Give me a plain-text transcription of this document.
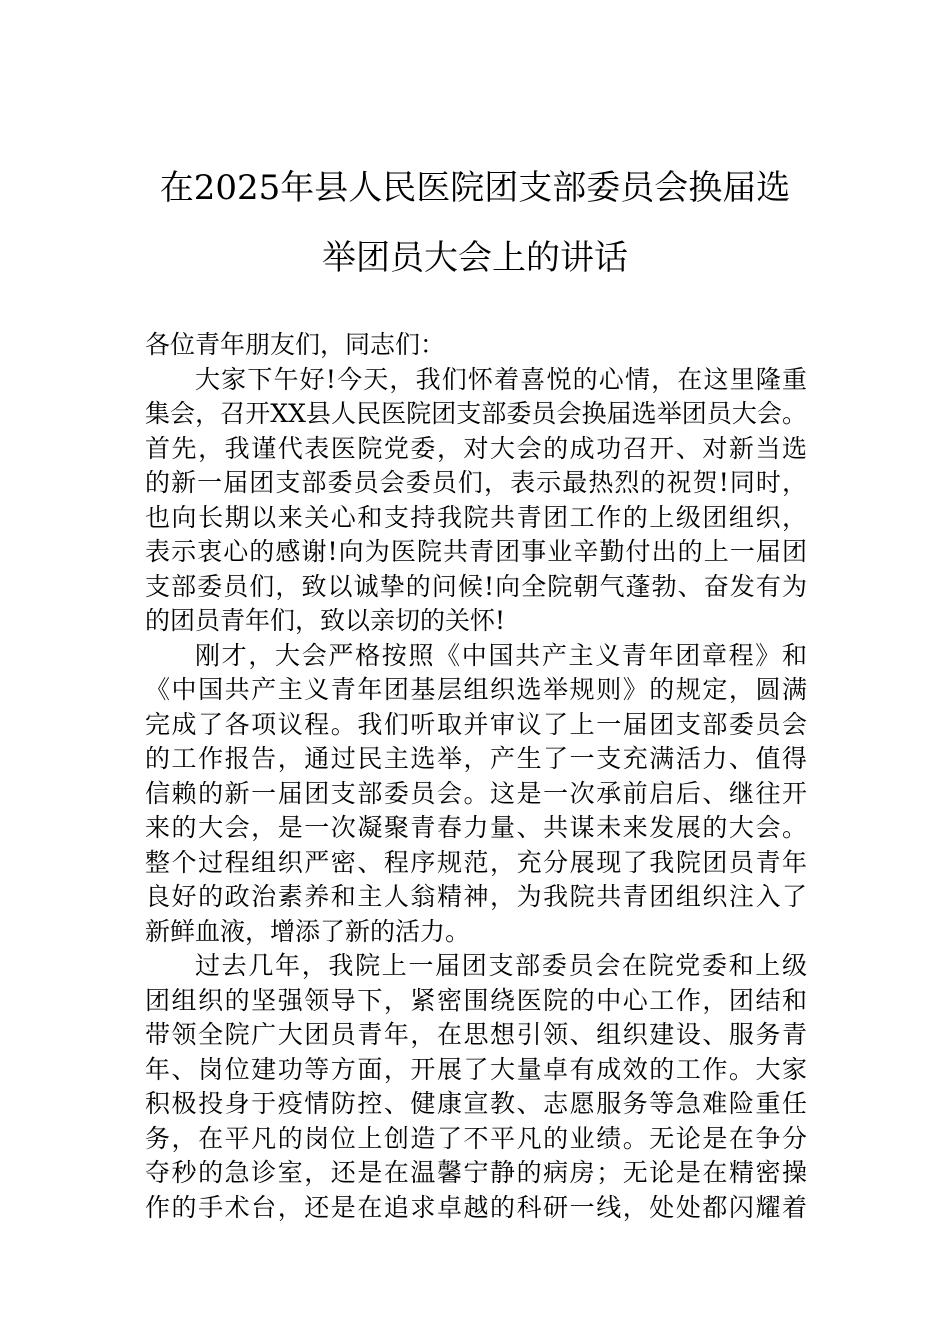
在2025年县人民医院团支部委员会换届选
举团员大会上的讲话
各位青年朋友们，同志们：
大家下午好!今天，我们怀着喜悦的心情，在这里隆重
集会，召开XX县人民医院团支部委员会换届选举团员大会。
首先，我谨代表医院党委，对大会的成功召开、对新当选
的新一届团支部委员会委员们，表示最热烈的祝贺!同时，
也向长期以来关心和支持我院共青团工作的上级团组织，
表示衷心的感谢!向为医院共青团事业辛勤付出的上一届团
支部委员们，致以诚挚的问候!向全院朝气蓬勃、奋发有为
的团员青年们，致以亲切的关怀!
刚才，大会严格按照《中国共产主义青年团章程》和
《中国共产主义青年团基层组织选举规则》的规定，圆满
完成了各项议程。我们听取并审议了上一届团支部委员会
的工作报告，通过民主选举，产生了一支充满活力、值得
信赖的新一届团支部委员会。这是一次承前启后、继往开
来的大会，是一次凝聚青春力量、共谋未来发展的大会。
整个过程组织严密、程序规范，充分展现了我院团员青年
良好的政治素养和主人翁精神，为我院共青团组织注入了
新鲜血液，增添了新的活力。
过去几年，我院上一届团支部委员会在院党委和上级
团组织的坚强领导下，紧密围绕医院的中心工作，团结和
带领全院广大团员青年，在思想引领、组织建设、服务青
年、岗位建功等方面，开展了大量卓有成效的工作。大家
积极投身于疫情防控、健康宣教、志愿服务等急难险重任
务，在平凡的岗位上创造了不平凡的业绩。无论是在争分
夺秒的急诊室，还是在温馨宁静的病房；无论是在精密操
作的手术台，还是在追求卓越的科研一线，处处都闪耀着
